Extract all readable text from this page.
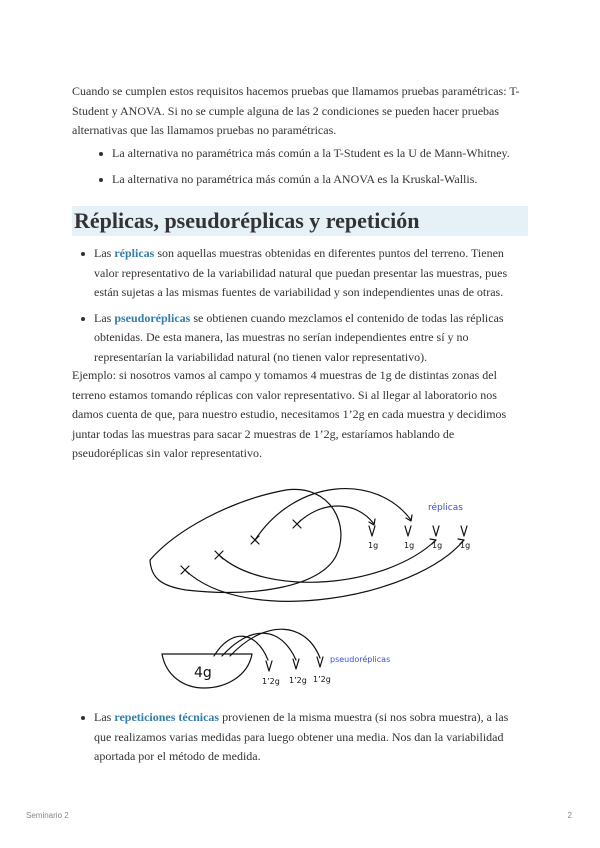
Cuando se cumplen estos requisitos hacemos pruebas que llamamos pruebas paramétricas: T-Student y ANOVA. Si no se cumple alguna de las 2 condiciones se pueden hacer pruebas alternativas que las llamamos pruebas no paramétricas.

La alternativa no paramétrica más común a la T-Student es la U de Mann-Whitney.
La alternativa no paramétrica más común a la ANOVA es la Kruskal-Wallis.
Réplicas, pseudoréplicas y repetición
Las réplicas son aquellas muestras obtenidas en diferentes puntos del terreno. Tienen valor representativo de la variabilidad natural que puedan presentar las muestras, pues están sujetas a las mismas fuentes de variabilidad y son independientes unas de otras.
Las pseudoréplicas se obtienen cuando mezclamos el contenido de todas las réplicas obtenidas. De esta manera, las muestras no serían independientes entre sí y no representarían la variabilidad natural (no tienen valor representativo).

Ejemplo: si nosotros vamos al campo y tomamos 4 muestras de 1g de distintas zonas del terreno estamos tomando réplicas con valor representativo. Si al llegar al laboratorio nos damos cuenta de que, para nuestro estudio, necesitamos 1’2g en cada muestra y decidimos juntar todas las muestras para sacar 2 muestras de 1’2g, estaríamos hablando de pseudoréplicas sin valor representativo.

Las repeticiones técnicas provienen de la misma muestra (si nos sobra muestra), a las que realizamos varias medidas para luego obtener una media. Nos dan la variabilidad aportada por el método de medida.
1g	1g 1g 1g
1’2g 1’2g 1’2g
4g
réplicas
pseudoréplicas
Seminario 2	2
